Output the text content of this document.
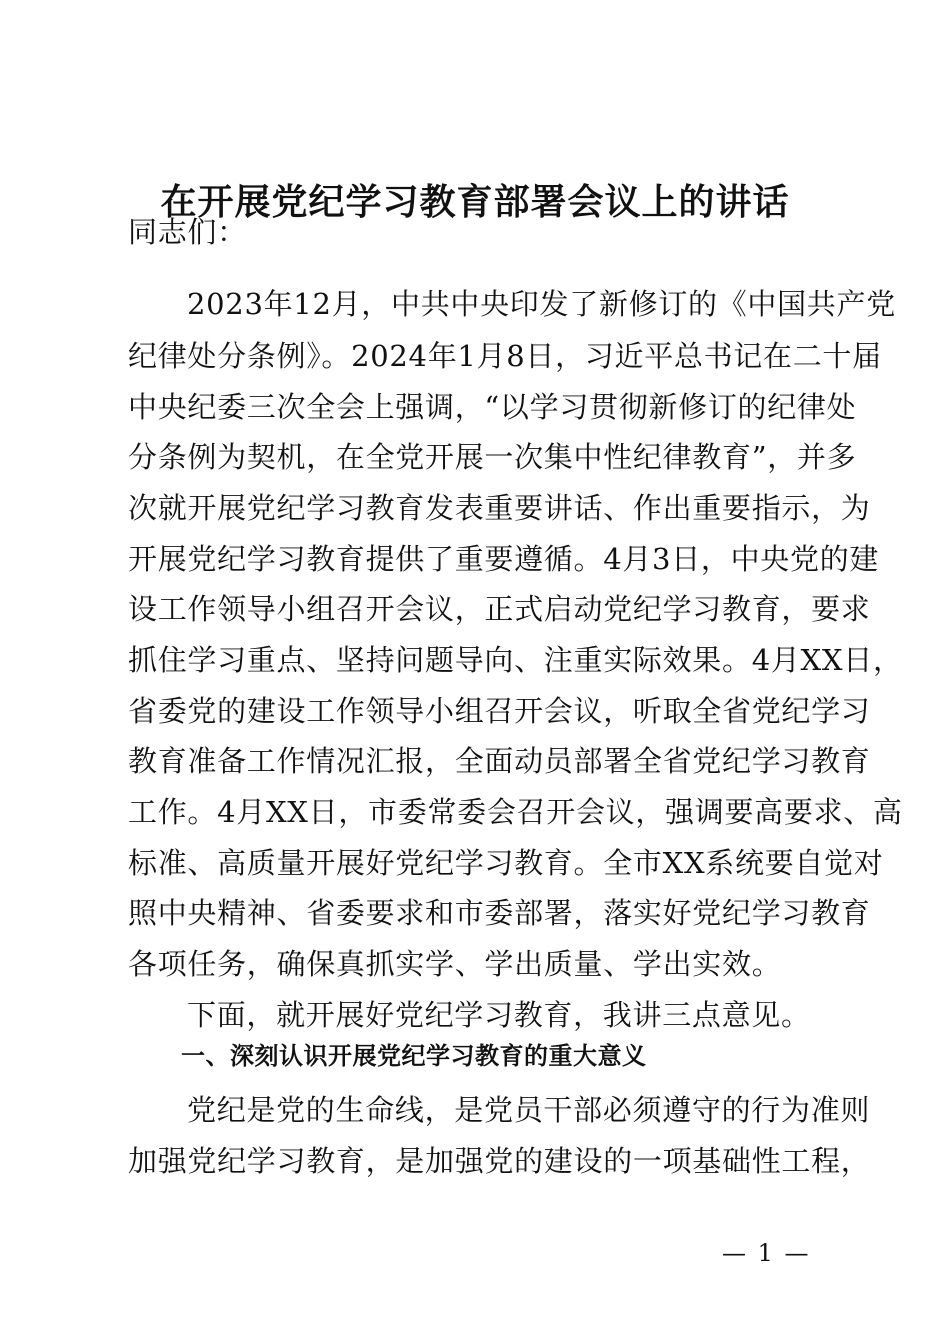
在开展党纪学习教育部署会议上的讲话
同志们：
2023年12月，中共中央印发了新修订的《中国共产党
纪律处分条例》。2024年1月8日，习近平总书记在二十届
中央纪委三次全会上强调，“以学习贯彻新修订的纪律处
分条例为契机，在全党开展一次集中性纪律教育”，并多
次就开展党纪学习教育发表重要讲话、作出重要指示，为
开展党纪学习教育提供了重要遵循。4月3日，中央党的建
设工作领导小组召开会议，正式启动党纪学习教育，要求
抓住学习重点、坚持问题导向、注重实际效果。4月XX日，
省委党的建设工作领导小组召开会议，听取全省党纪学习
教育准备工作情况汇报，全面动员部署全省党纪学习教育
工作。4月XX日，市委常委会召开会议，强调要高要求、高
标准、高质量开展好党纪学习教育。全市XX系统要自觉对
照中央精神、省委要求和市委部署，落实好党纪学习教育
各项任务，确保真抓实学、学出质量、学出实效。
下面，就开展好党纪学习教育，我讲三点意见。
一、深刻认识开展党纪学习教育的重大意义
党纪是党的生命线，是党员干部必须遵守的行为准则
加强党纪学习教育，是加强党的建设的一项基础性工程，
— 1 —
